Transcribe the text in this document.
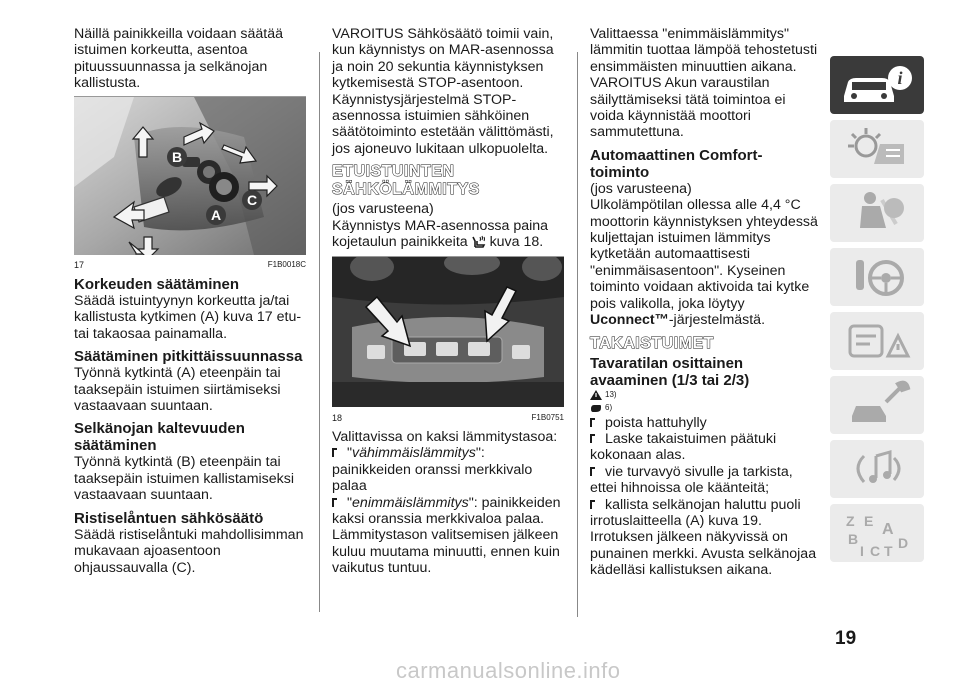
Näillä painikkeilla voidaan säätää istuimen korkeutta, asentoa pituussuunnassa ja selkänojan kallistusta.

B
A
C
17	F1B0018C
Korkeuden säätäminen

Säädä istuintyynyn korkeutta ja/tai kallistusta kytkimen (A) kuva 17 etu- tai takaosaa painamalla.

Säätäminen pitkittäissuunnassa

Työnnä kytkintä (A) eteenpäin tai taaksepäin istuimen siirtämiseksi vastaavaan suuntaan.

Selkänojan kaltevuuden säätäminen

Työnnä kytkintä (B) eteenpäin tai taaksepäin istuimen kallistamiseksi vastaavaan suuntaan.

Ristiselåntuen sähkösäätö

Säädä ristiselåntuki mahdollisimman mukavaan ajoasentoon ohjaussauvalla (C).

VAROITUS Sähkösäätö toimii vain, kun käynnistys on MAR-asennossa ja noin 20 sekuntia käynnistyksen kytkemisestä STOP-asentoon. Käynnistysjärjestelmä STOP-asennossa istuimien sähköinen säätötoiminto estetään välittömästi, jos ajoneuvo lukitaan ulkopuolelta.

ETUISTUINTEN SÄHKÖLÄMMITYS

(jos varusteena)

Käynnistys MAR-asennossa paina kojetaulun painikkeita kuva 18.

18	F1B0751

Valittavissa on kaksi lämmitystasoa:

"vähimmäislämmitys": painikkeiden oranssi merkkivalo palaa

"enimmäislämmitys": painikkeiden kaksi oranssia merkkivaloa palaa.

Lämmitystason valitsemisen jälkeen kuluu muutama minuutti, ennen kuin vaikutus tuntuu.

Valittaessa "enimmäislämmitys" lämmitin tuottaa lämpöä tehostetusti ensimmäisten minuuttien aikana.

VAROITUS Akun varaustilan säilyttämiseksi tätä toimintoa ei voida käynnistää moottori sammutettuna.

Automaattinen Comfort-toiminto

(jos varusteena)

Ulkolämpötilan ollessa alle 4,4 °C moottorin käynnistyksen yhteydessä kuljettajan istuimen lämmitys kytketään automaattisesti "enimmäisasentoon". Kyseinen toiminto voidaan aktivoida tai kytke pois valikolla, joka löytyy Uconnect™-järjestelmästä.

TAKAISTUIMET
Tavaratilan osittainen avaaminen (1/3 tai 2/3)
13)
6)

poista hattuhylly

Laske takaistuimen päätuki kokonaan alas.

vie turvavyö sivulle ja tarkista, ettei hihnoissa ole kääntеitä;

kallista selkänojan haluttu puoli irrotuslaitteella (A) kuva 19. Irrotuksen jälkeen näkyvissä on punainen merkki. Avusta selkänojaa kädelläsi kallistuksen aikana.

i
Z E A
B
I C T D
19
carmanualsonline.info
